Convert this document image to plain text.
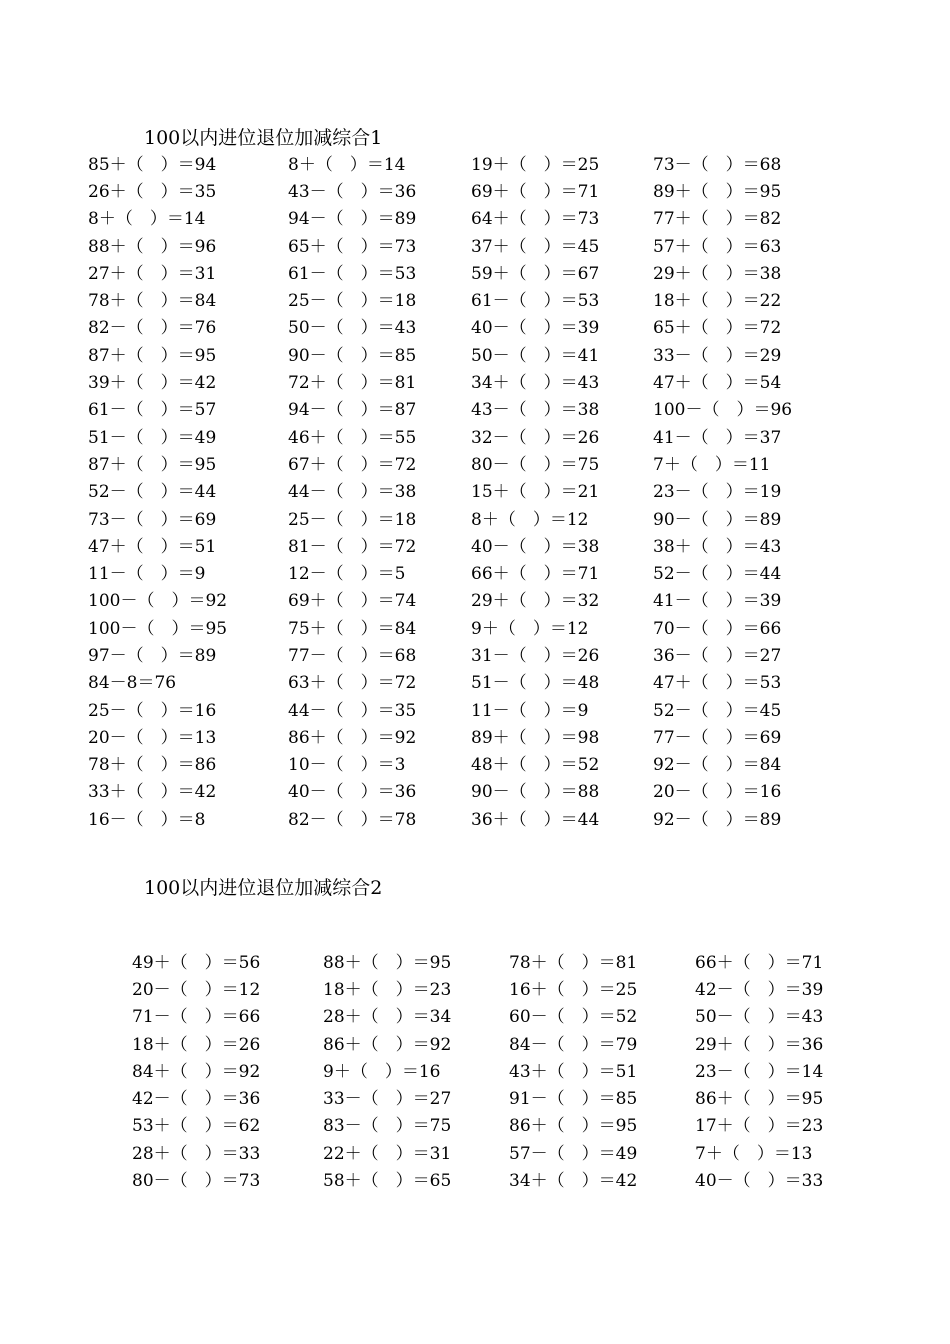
100以内进位退位加减综合1
85＋（　）＝94	8＋（　）＝14	19＋（　）＝25	73－（　）＝68
26＋（　）＝35	43－（　）＝36	69＋（　）＝71	89＋（　）＝95
8＋（　）＝14	94－（　）＝89	64＋（　）＝73	77＋（　）＝82
88＋（　）＝96	65＋（　）＝73	37＋（　）＝45	57＋（　）＝63
27＋（　）＝31	61－（　）＝53	59＋（　）＝67	29＋（　）＝38
78＋（　）＝84	25－（　）＝18	61－（　）＝53	18＋（　）＝22
82－（　）＝76	50－（　）＝43	40－（　）＝39	65＋（　）＝72
87＋（　）＝95	90－（　）＝85	50－（　）＝41	33－（　）＝29
39＋（　）＝42	72＋（　）＝81	34＋（　）＝43	47＋（　）＝54
61－（　）＝57	94－（　）＝87	43－（　）＝38	100－（　）＝96
51－（　）＝49	46＋（　）＝55	32－（　）＝26	41－（　）＝37
87＋（　）＝95	67＋（　）＝72	80－（　）＝75	7＋（　）＝11
52－（　）＝44	44－（　）＝38	15＋（　）＝21	23－（　）＝19
73－（　）＝69	25－（　）＝18	8＋（　）＝12	90－（　）＝89
47＋（　）＝51	81－（　）＝72	40－（　）＝38	38＋（　）＝43
11－（　）＝9	12－（　）＝5	66＋（　）＝71	52－（　）＝44
100－（　）＝92	69＋（　）＝74	29＋（　）＝32	41－（　）＝39
100－（　）＝95	75＋（　）＝84	9＋（　）＝12	70－（　）＝66
97－（　）＝89	77－（　）＝68	31－（　）＝26	36－（　）＝27
84－8＝76	63＋（　）＝72	51－（　）＝48	47＋（　）＝53
25－（　）＝16	44－（　）＝35	11－（　）＝9	52－（　）＝45
20－（　）＝13	86＋（　）＝92	89＋（　）＝98	77－（　）＝69
78＋（　）＝86	10－（　）＝3	48＋（　）＝52	92－（　）＝84
33＋（　）＝42	40－（　）＝36	90－（　）＝88	20－（　）＝16
16－（　）＝8	82－（　）＝78	36＋（　）＝44	92－（　）＝89
100以内进位退位加减综合2
49＋（　）＝56	88＋（　）＝95	78＋（　）＝81	66＋（　）＝71
20－（　）＝12	18＋（　）＝23	16＋（　）＝25	42－（　）＝39
71－（　）＝66	28＋（　）＝34	60－（　）＝52	50－（　）＝43
18＋（　）＝26	86＋（　）＝92	84－（　）＝79	29＋（　）＝36
84＋（　）＝92	9＋（　）＝16	43＋（　）＝51	23－（　）＝14
42－（　）＝36	33－（　）＝27	91－（　）＝85	86＋（　）＝95
53＋（　）＝62	83－（　）＝75	86＋（　）＝95	17＋（　）＝23
28＋（　）＝33	22＋（　）＝31	57－（　）＝49	7＋（　）＝13
80－（　）＝73	58＋（　）＝65	34＋（　）＝42	40－（　）＝33
